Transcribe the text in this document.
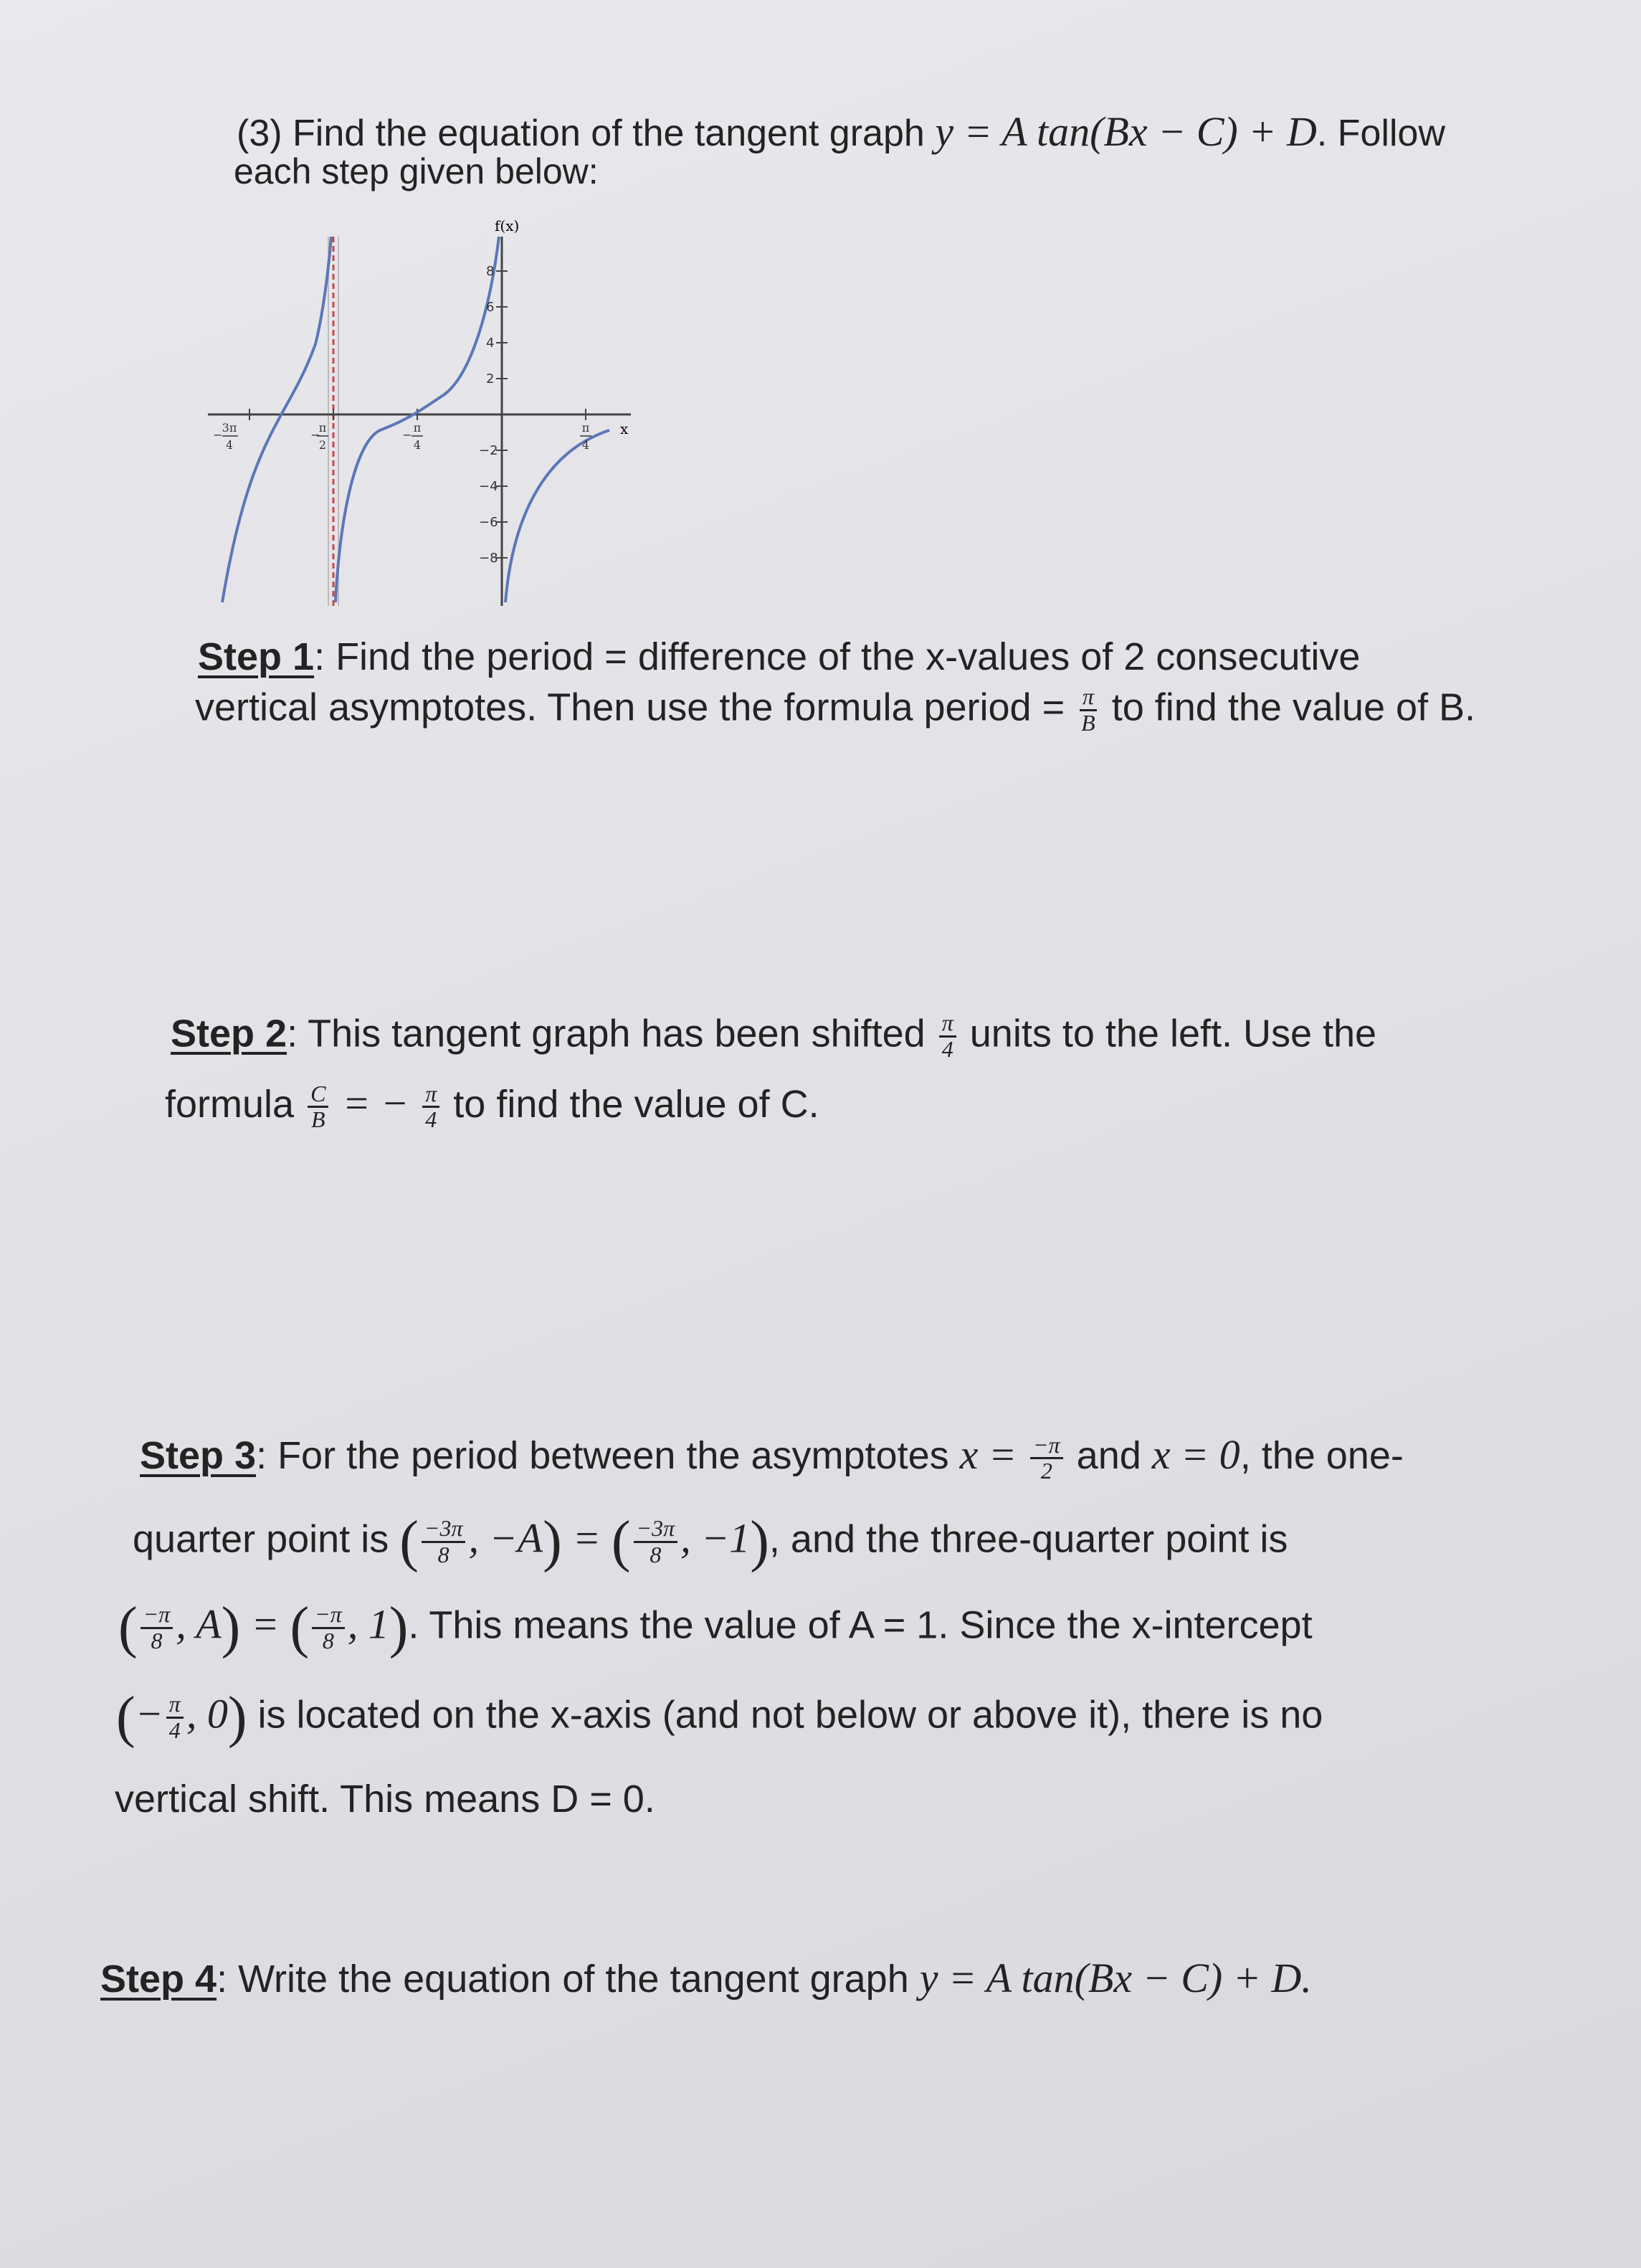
(3) Find the equation of the tangent graph y = A tan(Bx − C) + D. Follow
each step given below:
f(x)
x
8
6
4
2
−2
−4
−6
−8
−
3π
4
−
π
2
−
π
4
π
4
Step 1: Find the period = difference of the x-values of 2 consecutive
vertical asymptotes. Then use the formula period = $\frac{\pi}{B}$ to find the value of B.
Step 2: This tangent graph has been shifted $\frac{\pi}{4}$ units to the left. Use the
formula $\frac{C}{B}$ = − $\frac{\pi}{4}$ to find the value of C.
Step 3: For the period between the asymptotes $x = \frac{-\pi}{2}$ and x = 0, the one-
quarter point is ( $\frac{-3\pi}{8}$ , −A) = ( $\frac{-3\pi}{8}$ , −1), and the three-quarter point is
( $\frac{-\pi}{8}$ , A) = ( $\frac{-\pi}{8}$ , 1). This means the value of A = 1. Since the x-intercept
(− $\frac{\pi}{4}$ , 0) is located on the x-axis (and not below or above it), there is no
vertical shift. This means D = 0.
Step 4: Write the equation of the tangent graph y = A tan(Bx − C) + D.
